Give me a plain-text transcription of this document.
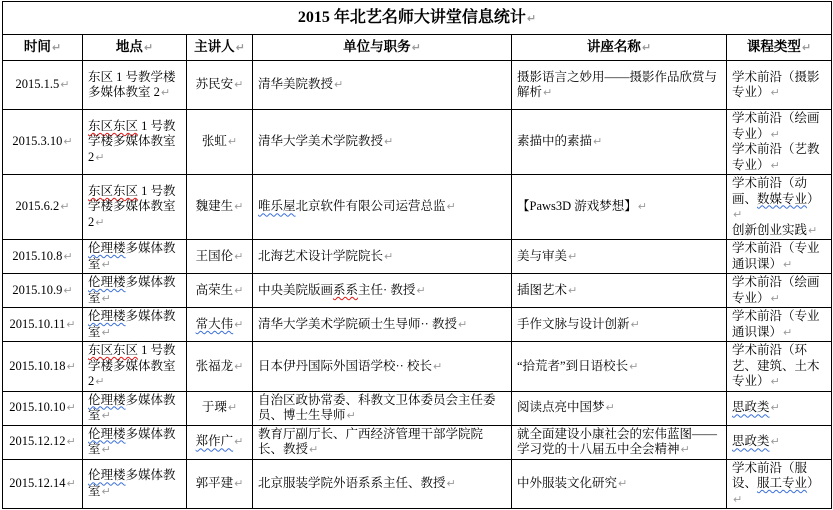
2015 年北艺名师大讲堂信息统计↵					
时间↵	地点↵	主讲人↵	单位与职务↵	讲座名称↵	课程类型↵

2015.1.5↵	东区 1 号教学楼多媒体教室 2↵	苏民安↵	清华美院教授↵	摄影语言之妙用——摄影作品欣赏与解析↵	学术前沿（摄影专业）↵

2015.3.10↵	东区东区 1 号教学楼多媒体教室 2↵	张虹↵	清华大学美术学院教授↵	素描中的素描↵	学术前沿（绘画专业）↵
学术前沿（艺教专业）↵

2015.6.2↵	东区东区 1 号教学楼多媒体教室 2↵	魏建生↵	唯乐屋北京软件有限公司运营总监↵	【Paws3D 游戏梦想】↵	学术前沿（动画、数媒专业）↵
创新创业实践↵

2015.10.8↵	伦理楼多媒体教室↵	王国伦↵	北海艺术设计学院院长↵	美与审美↵	学术前沿（专业通识课）↵

2015.10.9↵	伦理楼多媒体教室↵	高荣生↵	中央美院版画系系主任· 教授↵	插图艺术↵	学术前沿（绘画专业）↵

2015.10.11↵	伦理楼多媒体教室↵	常大伟↵	清华大学美术学院硕士生导师·· 教授↵	手作文脉与设计创新↵	学术前沿（专业通识课）↵

2015.10.18↵	东区东区 1 号教学楼多媒体教室 2↵	张福龙↵	日本伊丹国际外国语学校·· 校长↵	“拾荒者”到日语校长↵	学术前沿（环艺、建筑、土木专业）↵

2015.10.10↵	伦理楼多媒体教室↵	于瑮↵	自治区政协常委、科教文卫体委员会主任委员、博士生导师↵	阅读点亮中国梦↵	思政类↵

2015.12.12↵	伦理楼多媒体教室↵	郑作广↵	教育厅副厅长、广西经济管理干部学院院长、教授↵	就全面建设小康社会的宏伟蓝图——学习党的十八届五中全会精神↵	思政类↵

2015.12.14↵	伦理楼多媒体教室↵	郭平建↵	北京服装学院外语系系主任、教授↵	中外服装文化研究↵	学术前沿（服设、服工专业）↵
